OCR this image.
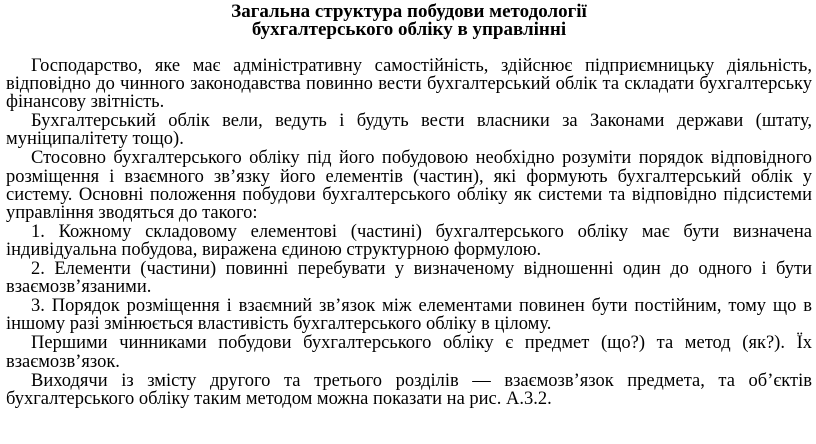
Загальна структура побудови методології
бухгалтерського обліку в управлінні

Господарство, яке має адміністративну самостійність, здійснює підприємницьку діяльність, відповідно до чинного законодавства повинно вести бухгалтерський облік та складати бухгалтерську фінансову звітність.

Бухгалтерський облік вели, ведуть і будуть вести власники за Законами держави (штату, муніципалітету тощо).

Стосовно бухгалтерського обліку під його побудовою необхідно розуміти порядок відповідного розміщення і взаємного зв’язку його елементів (частин), які формують бухгалтерський облік у систему. Основні положення побудови бухгалтерського обліку як системи та відповідно підсистеми управління зводяться до такого:

1. Кожному складовому елементові (частині) бухгалтерського обліку має бути визначена індивідуальна побудова, виражена єдиною структурною формулою.

2. Елементи (частини) повинні перебувати у визначеному відношенні один до одного і бути взаємозв’язаними.

3. Порядок розміщення і взаємний зв’язок між елементами повинен бути постійним, тому що в іншому разі змінюється властивість бухгалтерського обліку в цілому.

Першими чинниками побудови бухгалтерського обліку є предмет (що?) та метод (як?). Їх взаємозв’язок.

Виходячи із змісту другого та третього розділів — взаємозв’язок предмета, та об’єктів бухгалтерського обліку таким методом можна показати на рис. А.3.2.
